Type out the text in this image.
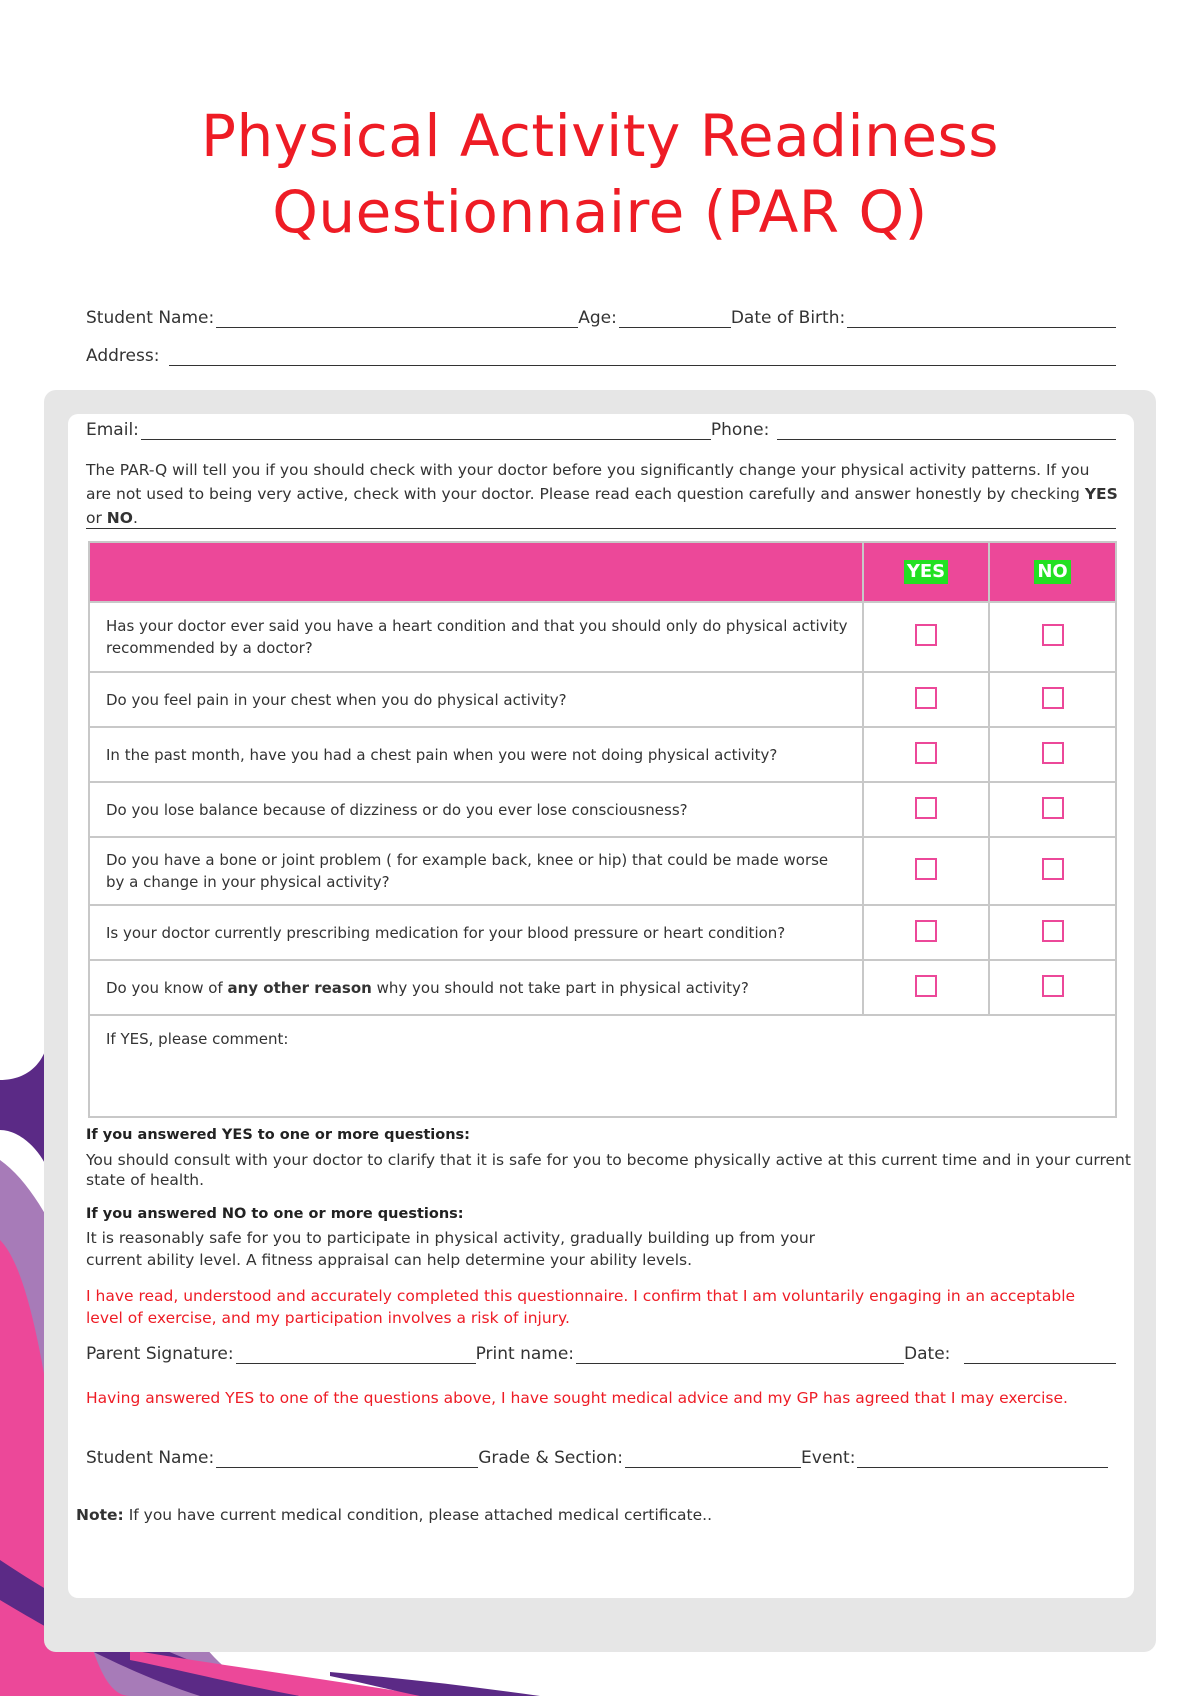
Physical Activity Readiness
Questionnaire (PAR Q)
Student Name:	Age:	Date of Birth:
Address:
Email:	Phone:
The PAR-Q will tell you if you should check with your doctor before you significantly change your physical activity patterns. If you are not used to being very active, check with your doctor. Please read each question carefully and answer honestly by checking YES or NO.
	YES	NO
Has your doctor ever said you have a heart condition and that you should only do physical activity recommended by a doctor?		
Do you feel pain in your chest when you do physical activity?		
In the past month, have you had a chest pain when you were not doing physical activity?		
Do you lose balance because of dizziness or do you ever lose consciousness?		
Do you have a bone or joint problem ( for example back, knee or hip) that could be made worse by a change in your physical activity?		
Is your doctor currently prescribing medication for your blood pressure or heart condition?		
Do you know of any other reason why you should not take part in physical activity?		
If YES, please comment:		
If you answered YES to one or more questions:
You should consult with your doctor to clarify that it is safe for you to become physically active at this current time and in your current state of health.
If you answered NO to one or more questions:
It is reasonably safe for you to participate in physical activity, gradually building up from your
current ability level. A fitness appraisal can help determine your ability levels.
I have read, understood and accurately completed this questionnaire. I confirm that I am voluntarily engaging in an acceptable level of exercise, and my participation involves a risk of injury.
Parent Signature:	Print name:	Date:
Having answered YES to one of the questions above, I have sought medical advice and my GP has agreed that I may exercise.
Student Name:	Grade & Section:	Event:
Note: If you have current medical condition, please attached medical certificate..
